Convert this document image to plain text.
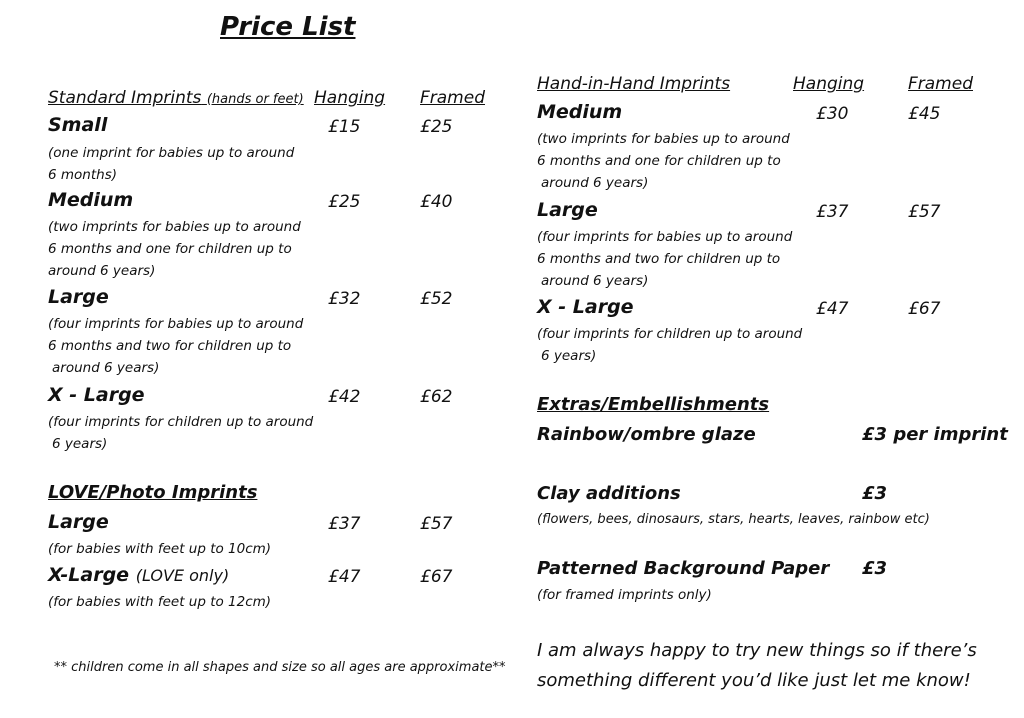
Price List
Standard Imprints (hands or feet) Hanging Framed
Small	£15	£25
(one imprint for babies up to around
6 months)
Medium	£25	£40
(two imprints for babies up to around
6 months and one for children up to
around 6 years)
Large	£32	£52
(four imprints for babies up to around
6 months and two for children up to
around 6 years)
X - Large	£42	£62
(four imprints for children up to around
6 years)
LOVE/Photo Imprints
Large	£37	£57
(for babies with feet up to 10cm)
X-Large (LOVE only)	£47	£67
(for babies with feet up to 12cm)
** children come in all shapes and size so all ages are approximate**
Hand-in-Hand Imprints	Hanging	Framed
Medium	£30	£45
(two imprints for babies up to around
6 months and one for children up to
around 6 years)
Large	£37	£57
(four imprints for babies up to around
6 months and two for children up to
around 6 years)
X - Large	£47	£67
(four imprints for children up to around
6 years)
Extras/Embellishments
Rainbow/ombre glaze	£3 per imprint
Clay additions	£3
(flowers, bees, dinosaurs, stars, hearts, leaves, rainbow etc)
Patterned Background Paper £3
(for framed imprints only)
I am always happy to try new things so if there’s
something different you’d like just let me know!
